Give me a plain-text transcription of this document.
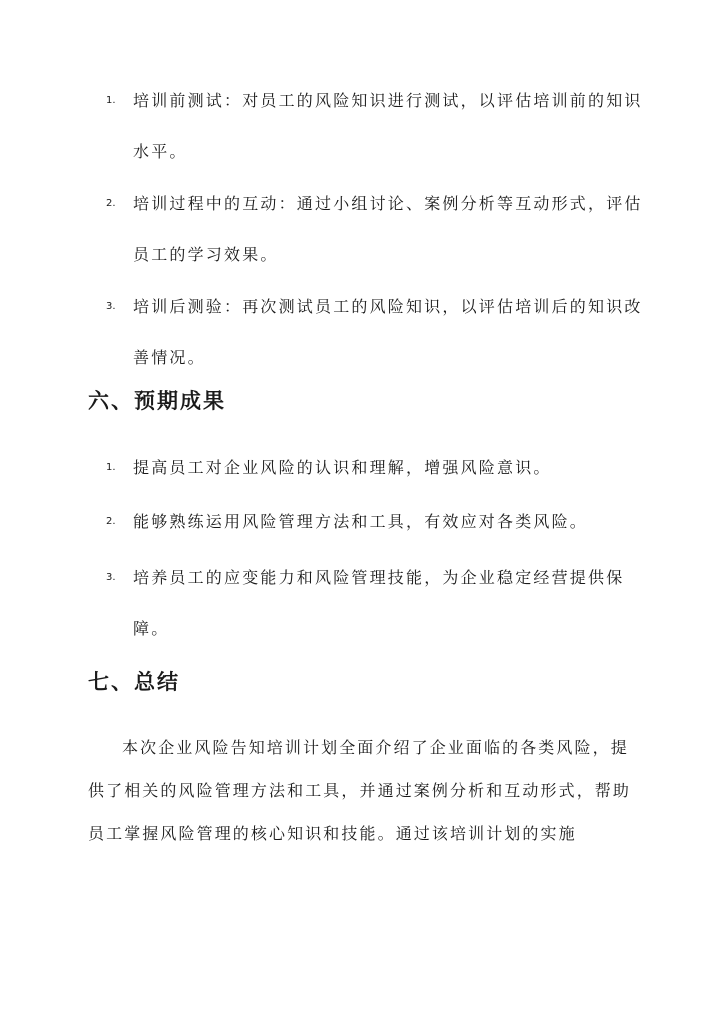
1.	培训前测试：对员工的风险知识进行测试，以评估培训前的知识水平。
2.	培训过程中的互动：通过小组讨论、案例分析等互动形式，评估员工的学习效果。
3.	培训后测验：再次测试员工的风险知识，以评估培训后的知识改善情况。
六、预期成果
1.	提高员工对企业风险的认识和理解，增强风险意识。
2.	能够熟练运用风险管理方法和工具，有效应对各类风险。
3.	培养员工的应变能力和风险管理技能，为企业稳定经营提供保障。
七、总结

本次企业风险告知培训计划全面介绍了企业面临的各类风险，提供了相关的风险管理方法和工具，并通过案例分析和互动形式，帮助员工掌握风险管理的核心知识和技能。通过该培训计划的实施
